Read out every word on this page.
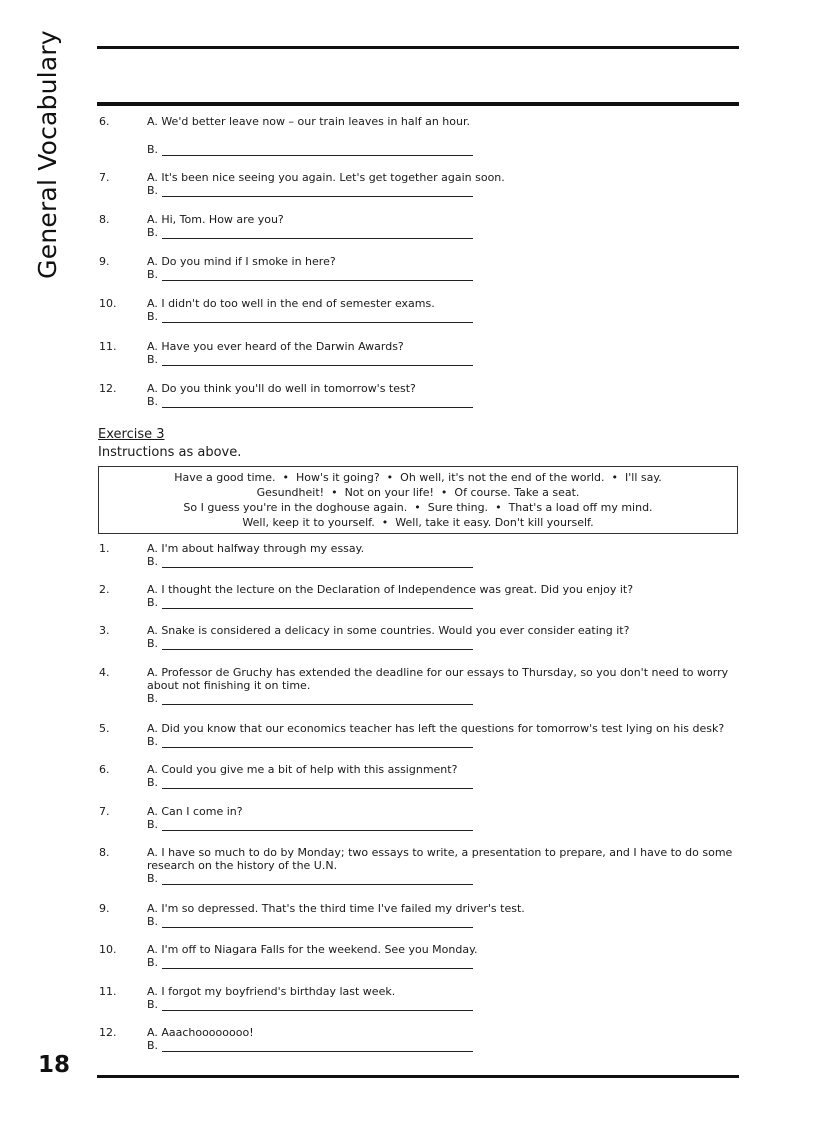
General Vocabulary	6.	A. We'd better leave now – our train leaves in half an hour.
B.
7.	A. It's been nice seeing you again. Let's get together again soon.
B.
8.	A. Hi, Tom. How are you?
B.
9.	A. Do you mind if I smoke in here?
B.
10.	A. I didn't do too well in the end of semester exams.
B.
11.	A. Have you ever heard of the Darwin Awards?
B.
12.	A. Do you think you'll do well in tomorrow's test?
B.
Exercise 3
Instructions as above.
Have a good time. • How's it going? • Oh well, it's not the end of the world. • I'll say.
Gesundheit! • Not on your life! • Of course. Take a seat.
So I guess you're in the doghouse again. • Sure thing. • That's a load off my mind.
Well, keep it to yourself. • Well, take it easy. Don't kill yourself.
1.	A. I'm about halfway through my essay.
B.
2.	A. I thought the lecture on the Declaration of Independence was great. Did you enjoy it?
B.
3.	A. Snake is considered a delicacy in some countries. Would you ever consider eating it?
B.
4.	A. Professor de Gruchy has extended the deadline for our essays to Thursday, so you don't need to worry about not finishing it on time.
B.
5.	A. Did you know that our economics teacher has left the questions for tomorrow's test lying on his desk?
B.
6.	A. Could you give me a bit of help with this assignment?
B.
7.	A. Can I come in?
B.
8.	A. I have so much to do by Monday; two essays to write, a presentation to prepare, and I have to do some research on the history of the U.N.
B.
9.	A. I'm so depressed. That's the third time I've failed my driver's test.
B.
10.	A. I'm off to Niagara Falls for the weekend. See you Monday.
B.
11.	A. I forgot my boyfriend's birthday last week.
B.
12.	A. Aaachoooooooo!
B.
18
